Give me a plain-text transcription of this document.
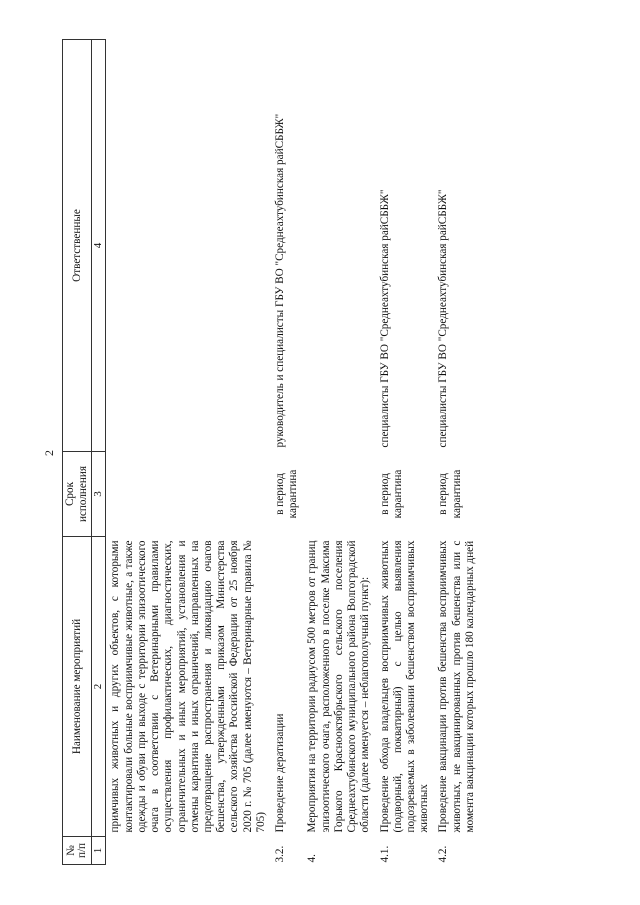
2
№
п/п	Наименование мероприятий	Срок исполнения	Ответственные
1	2	3	4
	примчивых животных и других объектов, с которыми контактировали больные восприимчивые животные, а также одежды и обуви при выходе с территории эпизоотического очага в соответствии с Ветеринарными правилами осуществления профилактических, диагностических, ограничительных и иных мероприятий, установления и отмены карантина и иных ограничений, направленных на предотвращение распространения и ликвидацию очагов бешенства, утвержденными приказом Министерства сельского хозяйства Российской Федерации от 25 ноября 2020 г. № 705 (далее именуются – Ветеринарные правила № 705)		
3.2.	Проведение дератизации	в период карантина	руководитель и специалисты ГБУ ВО "Среднеахтубинская райСББЖ"
4.	Мероприятия на территории радиусом 500 метров от границ эпизоотического очага, расположенного в поселке Максима Горького Краснооктябрьского сельского поселения Среднеахтубинского муниципального района Волгоградской области (далее именуется – неблагополучный пункт):		
4.1.	Проведение обхода владельцев восприимчивых животных (подворный, покватирный) с целью выявления подозреваемых в заболевании бешенством восприимчивых животных	в период карантина	специалисты ГБУ ВО "Среднеахтубинская райСББЖ"
4.2.	Проведение вакцинации против бешенства восприимчивых животных, не вакцинированных против бешенства или с момента вакцинации которых прошло 180 календарных дней	в период карантина	специалисты ГБУ ВО "Среднеахтубинская райСББЖ"
